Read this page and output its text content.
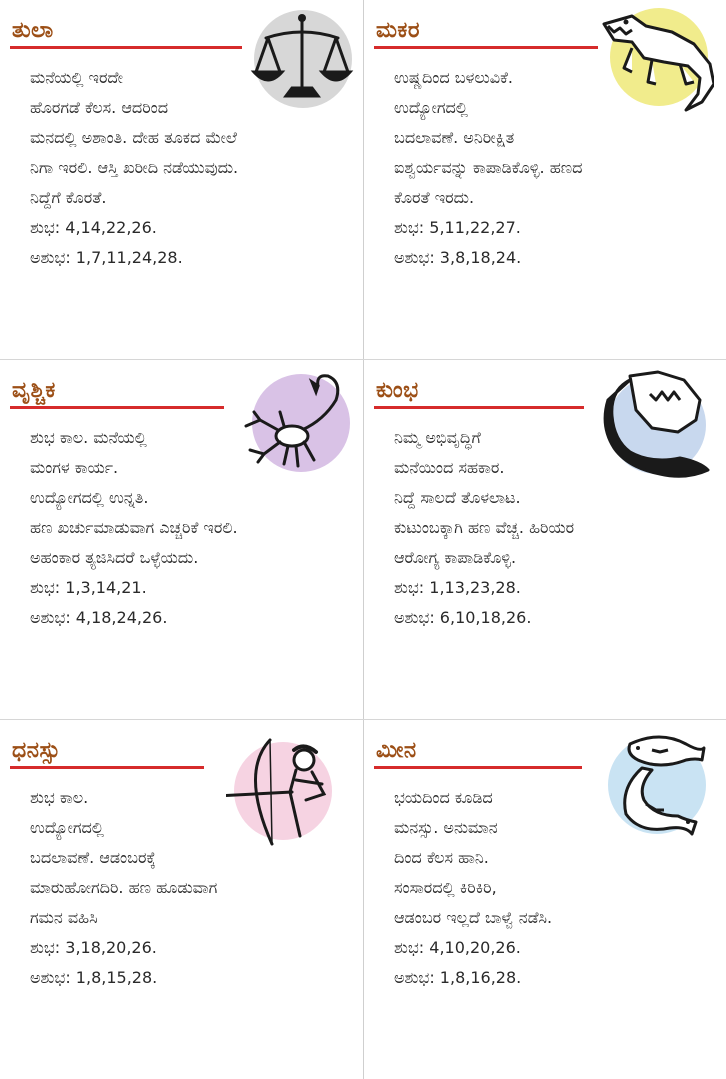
ತುಲಾ
ಮನೆಯಲ್ಲಿ ಇರದೇ
ಹೊರಗಡೆ ಕೆಲಸ. ಆದರಿಂದ
ಮನದಲ್ಲಿ ಅಶಾಂತಿ. ದೇಹ ತೂಕದ ಮೇಲೆ
ನಿಗಾ ಇರಲಿ. ಆಸ್ತಿ ಖರೀದಿ ನಡೆಯುವುದು.
ನಿದ್ದೆಗೆ ಕೊರತೆ.
ಶುಭ: 4,14,22,26.
ಅಶುಭ: 1,7,11,24,28.
ಮಕರ
ಉಷ್ಣದಿಂದ ಬಳಲುವಿಕೆ.
ಉದ್ಯೋಗದಲ್ಲಿ
ಬದಲಾವಣೆ. ಅನಿರೀಕ್ಷಿತ
ಐಶ್ವರ್ಯವನ್ನು ಕಾಪಾಡಿಕೊಳ್ಳಿ. ಹಣದ
ಕೊರತೆ ಇರದು.
ಶುಭ: 5,11,22,27.
ಅಶುಭ: 3,8,18,24.
ವೃಶ್ಚಿಕ
ಶುಭ ಕಾಲ. ಮನೆಯಲ್ಲಿ
ಮಂಗಳ ಕಾರ್ಯ.
ಉದ್ಯೋಗದಲ್ಲಿ ಉನ್ನತಿ.
ಹಣ ಖರ್ಚುಮಾಡುವಾಗ ಎಚ್ಚರಿಕೆ ಇರಲಿ.
ಅಹಂಕಾರ ತ್ಯಜಿಸಿದರೆ ಒಳ್ಳೆಯದು.
ಶುಭ: 1,3,14,21.
ಅಶುಭ: 4,18,24,26.
ಕುಂಭ
ನಿಮ್ಮ ಅಭಿವೃದ್ಧಿಗೆ
ಮನೆಯಿಂದ ಸಹಕಾರ.
ನಿದ್ದೆ ಸಾಲದೆ ತೊಳಲಾಟ.
ಕುಟುಂಬಕ್ಕಾಗಿ ಹಣ ವೆಚ್ಚ. ಹಿರಿಯರ
ಆರೋಗ್ಯ ಕಾಪಾಡಿಕೊಳ್ಳಿ.
ಶುಭ: 1,13,23,28.
ಅಶುಭ: 6,10,18,26.
ಧನಸ್ಸು
ಶುಭ ಕಾಲ.
ಉದ್ಯೋಗದಲ್ಲಿ
ಬದಲಾವಣೆ. ಆಡಂಬರಕ್ಕೆ
ಮಾರುಹೋಗದಿರಿ. ಹಣ ಹೂಡುವಾಗ
ಗಮನ ವಹಿಸಿ
ಶುಭ: 3,18,20,26.
ಅಶುಭ: 1,8,15,28.
ಮೀನ
ಭಯದಿಂದ ಕೂಡಿದ
ಮನಸ್ಸು. ಅನುಮಾನ
ದಿಂದ ಕೆಲಸ ಹಾನಿ.
ಸಂಸಾರದಲ್ಲಿ ಕಿರಿಕಿರಿ,
ಆಡಂಬರ ಇಲ್ಲದೆ ಬಾಳ್ವೆ ನಡೆಸಿ.
ಶುಭ: 4,10,20,26.
ಅಶುಭ: 1,8,16,28.
